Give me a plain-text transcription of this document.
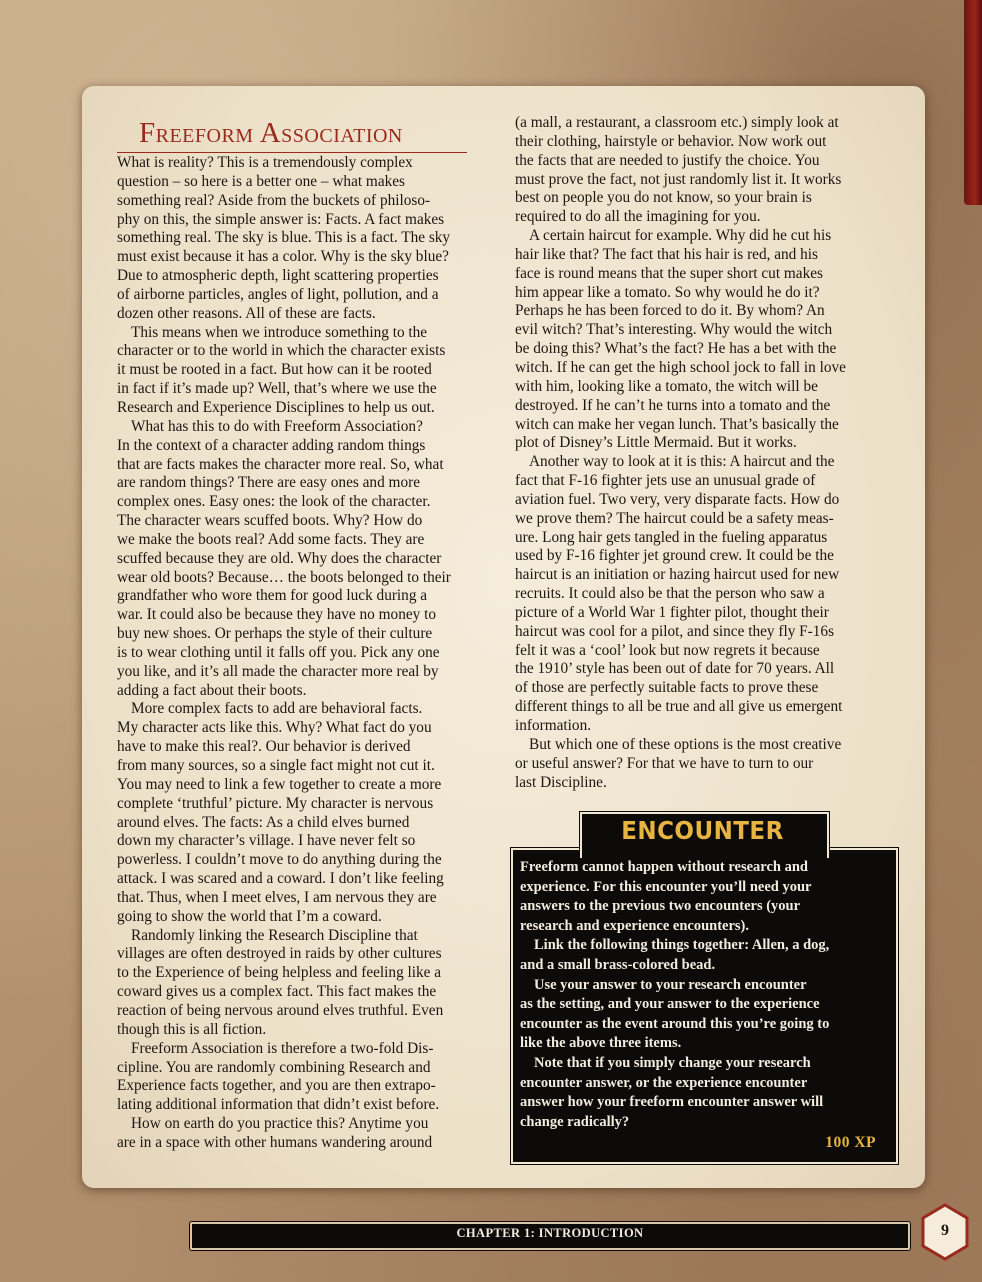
Freeform Association
What is reality? This is a tremendously complex
question – so here is a better one – what makes
something real? Aside from the buckets of philoso-
phy on this, the simple answer is: Facts. A fact makes
something real. The sky is blue. This is a fact. The sky
must exist because it has a color. Why is the sky blue?
Due to atmospheric depth, light scattering properties
of airborne particles, angles of light, pollution, and a
dozen other reasons. All of these are facts.
This means when we introduce something to the
character or to the world in which the character exists
it must be rooted in a fact. But how can it be rooted
in fact if it’s made up? Well, that’s where we use the
Research and Experience Disciplines to help us out.
What has this to do with Freeform Association?
In the context of a character adding random things
that are facts makes the character more real. So, what
are random things? There are easy ones and more
complex ones. Easy ones: the look of the character.
The character wears scuffed boots. Why? How do
we make the boots real? Add some facts. They are
scuffed because they are old. Why does the character
wear old boots? Because… the boots belonged to their
grandfather who wore them for good luck during a
war. It could also be because they have no money to
buy new shoes. Or perhaps the style of their culture
is to wear clothing until it falls off you. Pick any one
you like, and it’s all made the character more real by
adding a fact about their boots.
More complex facts to add are behavioral facts.
My character acts like this. Why? What fact do you
have to make this real?. Our behavior is derived
from many sources, so a single fact might not cut it.
You may need to link a few together to create a more
complete ‘truthful’ picture. My character is nervous
around elves. The facts: As a child elves burned
down my character’s village. I have never felt so
powerless. I couldn’t move to do anything during the
attack. I was scared and a coward. I don’t like feeling
that. Thus, when I meet elves, I am nervous they are
going to show the world that I’m a coward.
Randomly linking the Research Discipline that
villages are often destroyed in raids by other cultures
to the Experience of being helpless and feeling like a
coward gives us a complex fact. This fact makes the
reaction of being nervous around elves truthful. Even
though this is all fiction.
Freeform Association is therefore a two-fold Dis-
cipline. You are randomly combining Research and
Experience facts together, and you are then extrapo-
lating additional information that didn’t exist before.
How on earth do you practice this? Anytime you
are in a space with other humans wandering around
(a mall, a restaurant, a classroom etc.) simply look at
their clothing, hairstyle or behavior. Now work out
the facts that are needed to justify the choice. You
must prove the fact, not just randomly list it. It works
best on people you do not know, so your brain is
required to do all the imagining for you.
A certain haircut for example. Why did he cut his
hair like that? The fact that his hair is red, and his
face is round means that the super short cut makes
him appear like a tomato. So why would he do it?
Perhaps he has been forced to do it. By whom? An
evil witch? That’s interesting. Why would the witch
be doing this? What’s the fact? He has a bet with the
witch. If he can get the high school jock to fall in love
with him, looking like a tomato, the witch will be
destroyed. If he can’t he turns into a tomato and the
witch can make her vegan lunch. That’s basically the
plot of Disney’s Little Mermaid. But it works.
Another way to look at it is this: A haircut and the
fact that F-16 fighter jets use an unusual grade of
aviation fuel. Two very, very disparate facts. How do
we prove them? The haircut could be a safety meas-
ure. Long hair gets tangled in the fueling apparatus
used by F-16 fighter jet ground crew. It could be the
haircut is an initiation or hazing haircut used for new
recruits. It could also be that the person who saw a
picture of a World War 1 fighter pilot, thought their
haircut was cool for a pilot, and since they fly F-16s
felt it was a ‘cool’ look but now regrets it because
the 1910’ style has been out of date for 70 years. All
of those are perfectly suitable facts to prove these
different things to all be true and all give us emergent
information.
But which one of these options is the most creative
or useful answer? For that we have to turn to our
last Discipline.
ENCOUNTER
Freeform cannot happen without research and
experience. For this encounter you’ll need your
answers to the previous two encounters (your
research and experience encounters).
Link the following things together: Allen, a dog,
and a small brass-colored bead.
Use your answer to your research encounter
as the setting, and your answer to the experience
encounter as the event around this you’re going to
like the above three items.
Note that if you simply change your research
encounter answer, or the experience encounter
answer how your freeform encounter answer will
change radically?
100 XP
CHAPTER 1: INTRODUCTION	9
